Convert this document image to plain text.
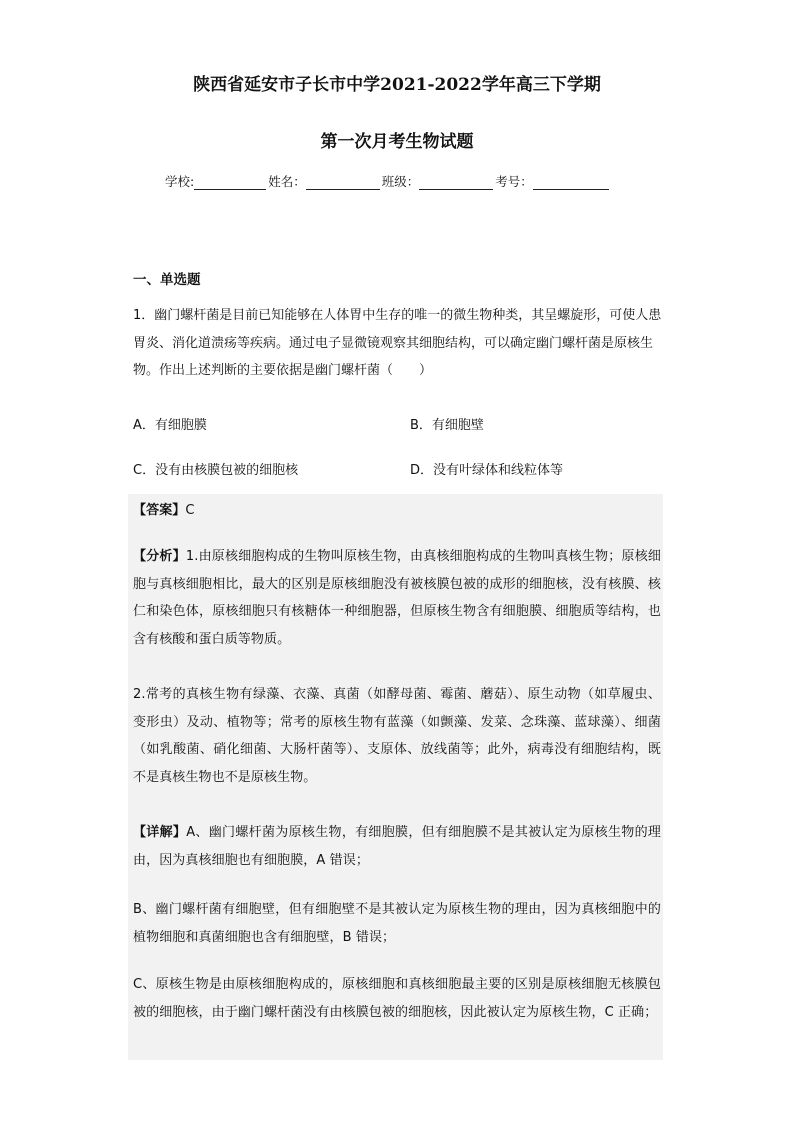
陕西省延安市子长市中学2021-2022学年高三下学期
第一次月考生物试题
学校:	姓名：	班级：	考号：
一、单选题
1．幽门螺杆菌是目前已知能够在人体胃中生存的唯一的微生物种类，其呈螺旋形，可使人患胃炎、消化道溃疡等疾病。通过电子显微镜观察其细胞结构，可以确定幽门螺杆菌是原核生物。作出上述判断的主要依据是幽门螺杆菌（　　）
A．有细胞膜	B．有细胞壁
C．没有由核膜包被的细胞核	D．没有叶绿体和线粒体等
【答案】C
【分析】1.由原核细胞构成的生物叫原核生物，由真核细胞构成的生物叫真核生物；原核细胞与真核细胞相比，最大的区别是原核细胞没有被核膜包被的成形的细胞核，没有核膜、核仁和染色体，原核细胞只有核糖体一种细胞器，但原核生物含有细胞膜、细胞质等结构，也含有核酸和蛋白质等物质。
2.常考的真核生物有绿藻、衣藻、真菌（如酵母菌、霉菌、蘑菇）、原生动物（如草履虫、变形虫）及动、植物等；常考的原核生物有蓝藻（如颤藻、发菜、念珠藻、蓝球藻）、细菌（如乳酸菌、硝化细菌、大肠杆菌等）、支原体、放线菌等；此外，病毒没有细胞结构，既不是真核生物也不是原核生物。
【详解】A、幽门螺杆菌为原核生物，有细胞膜，但有细胞膜不是其被认定为原核生物的理由，因为真核细胞也有细胞膜，A 错误；
B、幽门螺杆菌有细胞壁，但有细胞壁不是其被认定为原核生物的理由，因为真核细胞中的植物细胞和真菌细胞也含有细胞壁，B 错误；
C、原核生物是由原核细胞构成的，原核细胞和真核细胞最主要的区别是原核细胞无核膜包被的细胞核，由于幽门螺杆菌没有由核膜包被的细胞核，因此被认定为原核生物，C 正确；
